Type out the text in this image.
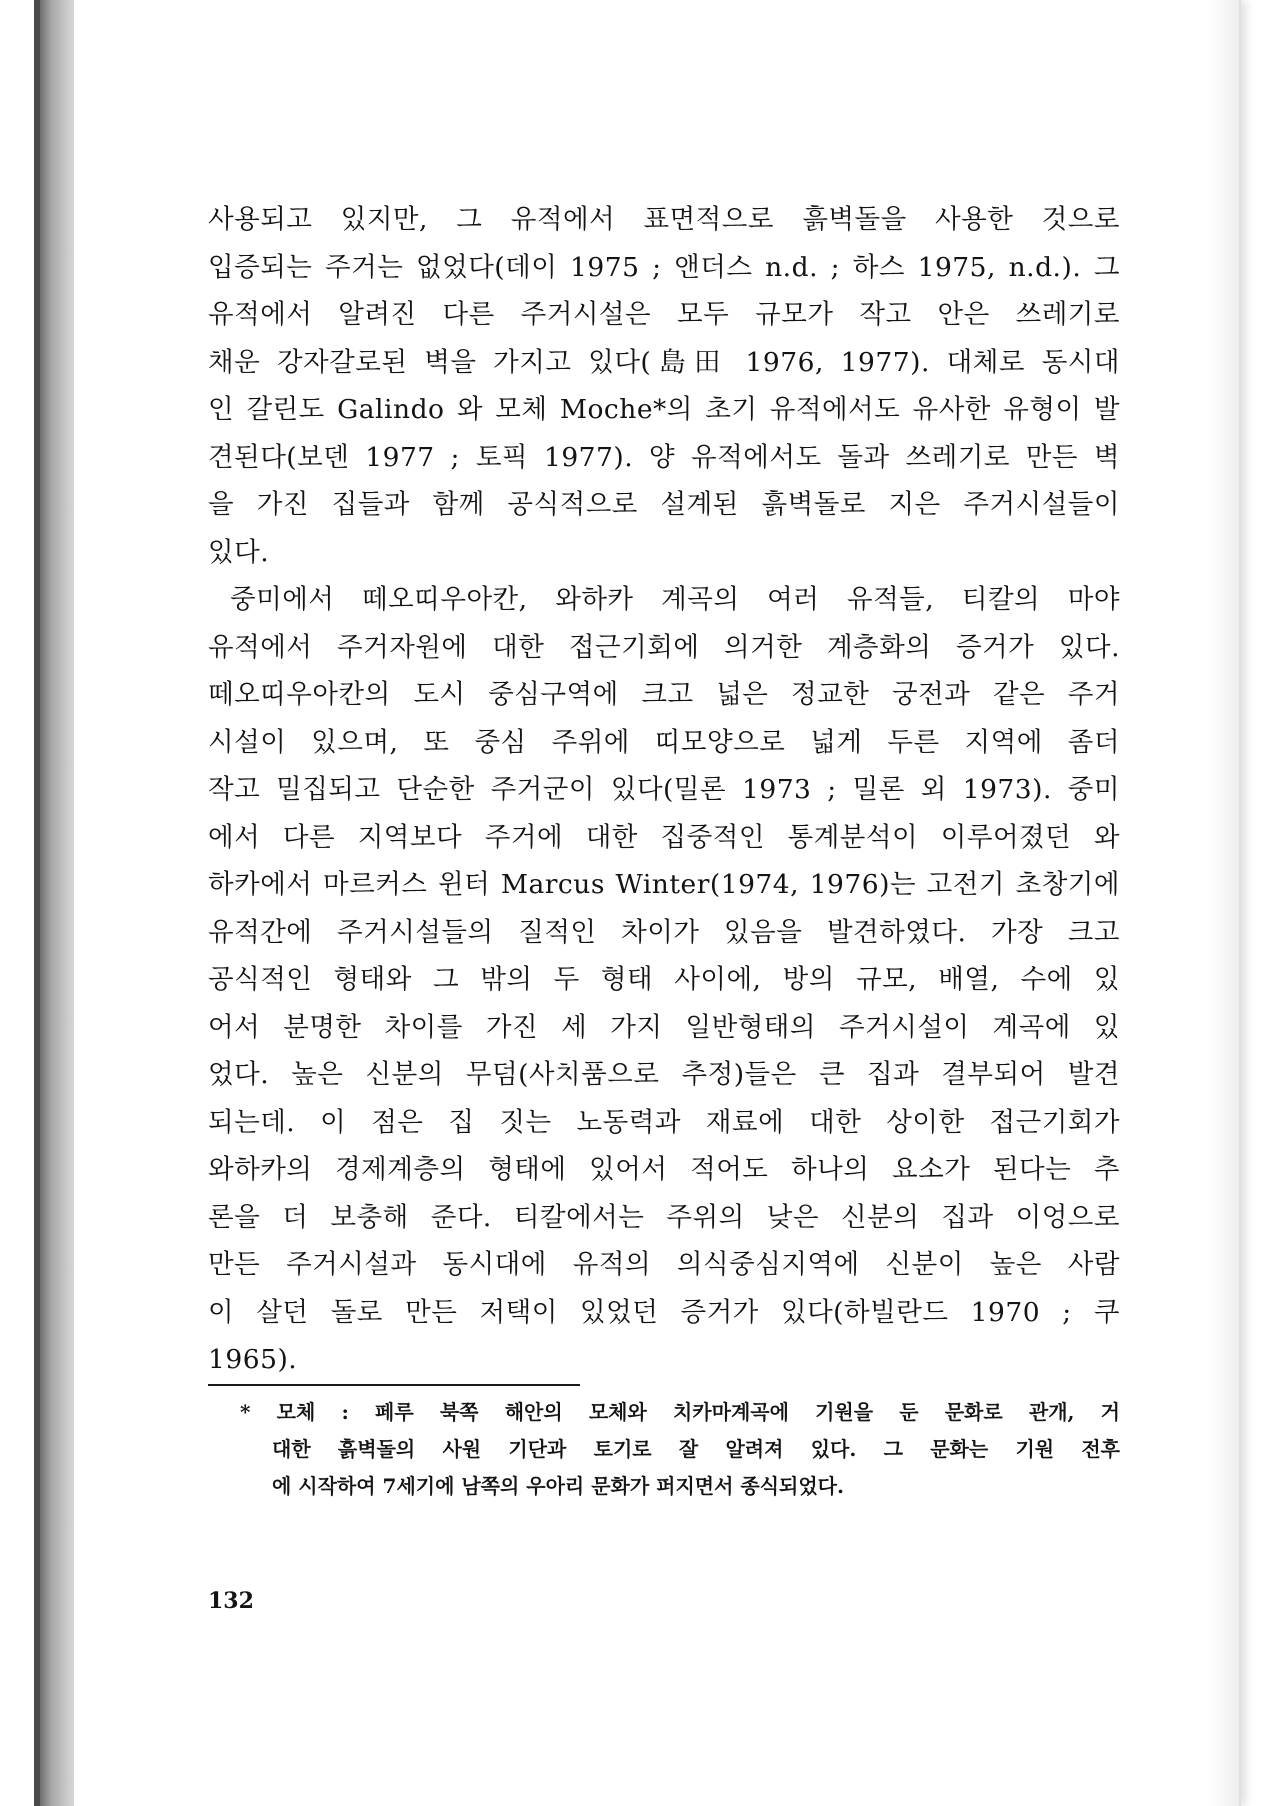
사용되고 있지만, 그 유적에서 표면적으로 흙벽돌을 사용한 것으로
입증되는 주거는 없었다(데이 1975 ; 앤더스 n.d. ; 하스 1975, n.d.). 그
유적에서 알려진 다른 주거시설은 모두 규모가 작고 안은 쓰레기로
채운 강자갈로된 벽을 가지고 있다(島田 1976, 1977). 대체로 동시대
인 갈린도 Galindo 와 모체 Moche*의 초기 유적에서도 유사한 유형이 발
견된다(보덴 1977 ; 토픽 1977). 양 유적에서도 돌과 쓰레기로 만든 벽
을 가진 집들과 함께 공식적으로 설계된 흙벽돌로 지은 주거시설들이
있다.
중미에서 떼오띠우아칸, 와하카 계곡의 여러 유적들, 티칼의 마야
유적에서 주거자원에 대한 접근기회에 의거한 계층화의 증거가 있다.
떼오띠우아칸의 도시 중심구역에 크고 넓은 정교한 궁전과 같은 주거
시설이 있으며, 또 중심 주위에 띠모양으로 넓게 두른 지역에 좀더
작고 밀집되고 단순한 주거군이 있다(밀론 1973 ; 밀론 외 1973). 중미
에서 다른 지역보다 주거에 대한 집중적인 통계분석이 이루어졌던 와
하카에서 마르커스 윈터 Marcus Winter(1974, 1976)는 고전기 초창기에
유적간에 주거시설들의 질적인 차이가 있음을 발견하였다. 가장 크고
공식적인 형태와 그 밖의 두 형태 사이에, 방의 규모, 배열, 수에 있
어서 분명한 차이를 가진 세 가지 일반형태의 주거시설이 계곡에 있
었다. 높은 신분의 무덤(사치품으로 추정)들은 큰 집과 결부되어 발견
되는데. 이 점은 집 짓는 노동력과 재료에 대한 상이한 접근기회가
와하카의 경제계층의 형태에 있어서 적어도 하나의 요소가 된다는 추
론을 더 보충해 준다. 티칼에서는 주위의 낮은 신분의 집과 이엉으로
만든 주거시설과 동시대에 유적의 의식중심지역에 신분이 높은 사람
이 살던 돌로 만든 저택이 있었던 증거가 있다(하빌란드 1970 ; 쿠
1965).
* 모체 : 페루 북쪽 해안의 모체와 치카마계곡에 기원을 둔 문화로 관개, 거
대한 흙벽돌의 사원 기단과 토기로 잘 알려져 있다. 그 문화는 기원 전후
에 시작하여 7세기에 남쪽의 우아리 문화가 퍼지면서 종식되었다.
132
